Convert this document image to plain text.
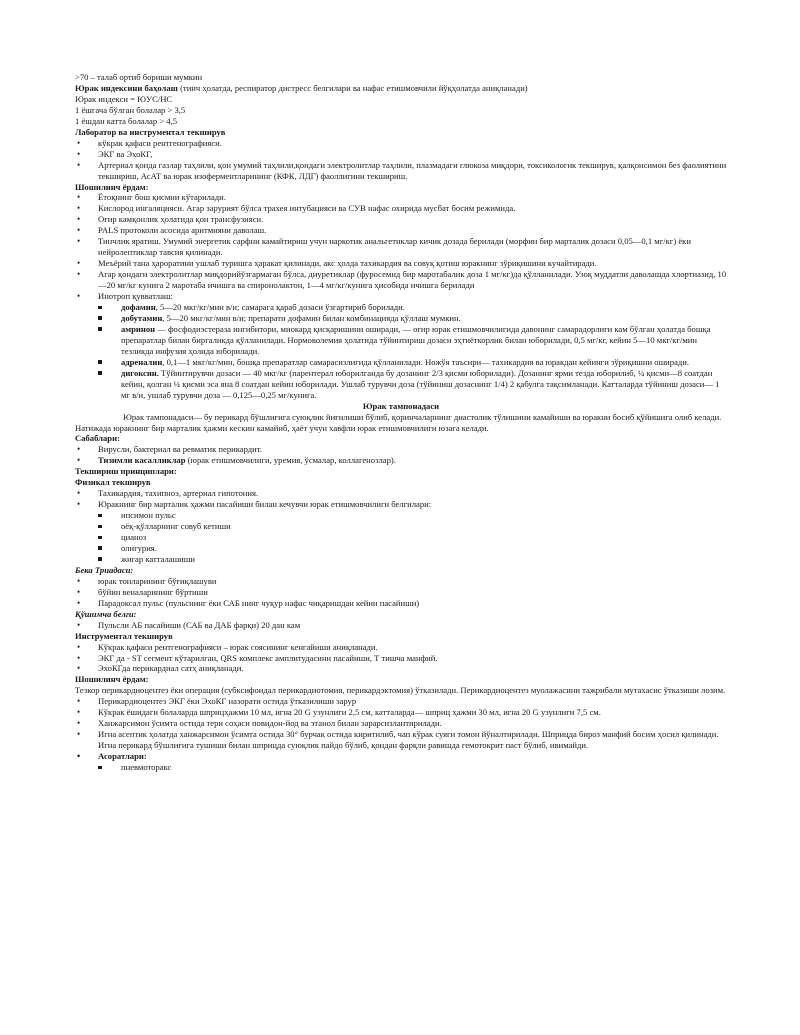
>70 – талаб ортиб бориши мумкин

Юрак индексини баҳолаш (тинч ҳолатда, респиратор дистресс белгилари ва нафас етишмовчили йўқҳолатда аниқланади)

Юрак индекси = ЮУС/НС

1 ёшгача бўлган болалар > 3,5

1 ёшдан катта болалар > 4,5

Лаборатор ва инструментал текширув

• кўкрак қафаси рентгенографияси.

• ЭКГ ва ЭхоКГ,

• Артериал қонда газлар таҳлили, қон умумий таҳлили,қондаги электролитлар таҳлили, плазмадаги глюкоза миқдори, токсикологик текширув, қалқонсимон без фаолиятини текшириш, АсАТ ва юрак изоферментларининг (КФК, ЛДГ) фаоллигини текшириш.

Шошилинч ёрдам:

• Ётоқнинг бош қисмни кўтарилади.

• Кислород ингаляцияси. Агар зарурият бўлса трахея интубацияси ва СУВ нафас охирида мусбат босим режимида.

• Оғир камқонлик ҳолатида қон трансфузияси.

• PALS протоколи асосида аритмияни даволаш.

• Тинчлик яратиш. Умумий энергетик сарфни камайтириш учун наркотик анальгетиклар кичик дозада берилади (морфин бир марталик дозаси 0,05—0,1 мг/кг) ёки нейролептиклар тавсия қилинади.

• Меъёрий тана ҳароратини ушлаб туришга ҳаракат қилинади, акс ҳолда тахикардия ва совуқ қотиш юракнинг зўриқишини кучайтиради.

• Агар қондаги электролитлар миқдорийўзгармаган бўлса, диуретиклар (фуросемид бир маротабалик доза 1 мг/кг)да қўлланилади. Узоқ муддатли даволашда хлортиазид, 10—20 мг/кг кунига 2 маротаба ичишга ва спиронолактон, 1—4 мг/кг/кунига ҳисобида ичишга берилади

• Инотроп қувватлаш:

дофамин, 5—20 мкг/кг/мин в/и; самарага қараб дозаси ўзгартириб борилади.

добутамин, 5—20 мкг/кг/мин в/и; препарати дофамин билан комбинацияда қўллаш мумкин.

амринон — фосфодиэстераза ингибитори, миокард қисқаришини оширади, — оғир юрак етишмовчилигида давонинг самарадорлиги кам бўлган ҳолатда бошқа препаратлар билан биргаликда қўлланилади. Нормоволемия ҳолатида тўйинтириш дозаси эҳтиёткорлик билан юборилади, 0,5 мг/кг, кейин 5—10 мкг/кг/мин тезликда инфузия ҳолида юборилади.

адреналин, 0,1—1 мкг/кг/мин, бошқа препаратлар самарасизлигида қўлланилади. Ножўя таъсири— тахикардия ва юракдан кейинги зўриқишни оширади.

дигоксин. Тўйинтирувчи дозаси — 40 мкг/кг (парентерал юборилганда бу дозанинг 2/3 қисми юборилади). Дозанинг ярми тезда юборилиб, ¼ қисми—8 соатдан кейин, қолган ¼ қисми эса яна 8 соатдан кейин юборилади. Ушлаб турувчи доза (тўйиниш дозаснинг 1/4) 2 қабулга тақсимланади. Катталарда тўйиниш дозаси— 1 мг в/и, ушлаб турувчи доза — 0,125—0,25 мг/кунига.

Юрак тампонадаси

Юрак тампонадаси— бу перикард бўшлиғига суюқлик йиғилиши бўлиб, қоринчаларнинг диастолик тўлишини камайиши ва юракни босиб қўйишига олиб келади. Натижада юракнинг бир марталик ҳажми кескин камайиб, ҳаёт учун хавфли юрак етишмовчилиги юзага келади.

Сабаблари:

• Вирусли, бактериал ва ревматик перикардит.

• Тизимли касалликлар (юрак етишмовчилиги, уремия, ўсмалар, коллагенозлар).

Текшириш принциплари:

Физикал текширув

• Тахикардия, тахипноэ, артериал гипотония.

• Юракнинг бир марталик ҳажми пасайиши билан кечувчи юрак етишмовчилиги белгилари:

ипсимон пульс

оёқ-қўлларнинг совуб кетиши

цианоз

олигурия.

жигар катталашиши

Бека Триадаси:

• юрак тонларининг бўғиқлашуви

• бўйин веналарининг бўртиши

• Парадоксал пульс (пульснинг ёки САБ нинг чуқур нафас чиқаришдан кейин пасайиши)

Қўшимча белги:

• Пульсли АБ пасайиши (САБ ва ДАБ фарқи) 20 дан кам

Инструментал текширув

• Кўкрак қафаси рентгенографияси – юрак соясининг кенгайиши аниқланади.

• ЭКГ да - ST сегмент кўтарилган, QRS комплекс амплитудасини пасайиши, Т тишча манфий.

• ЭхоКГда перикардиал сатҳ аниқланади.

Шошилинч ёрдам:

Тезкор перикардиоцентез ёки операция (субксифоидал перикардиотомия, перикардэктомия) ўтказилади. Перикардиоцентез муолажасини тажрибали мутахасис ўтказиши лозим.

• Перикардиоцентез ЭКГ ёки ЭхоКГ назорати остида ўтказилиши зарур

• Кўкрак ёшидаги болаларда шприцҳажми 10 мл, игна 20 G узунлиги 2,5 см, катталарда— шприц ҳажми 30 мл, игна 20 G узунлиги 7,5 см.

• Ханжарсимон ўсимта остида тери соҳаси повидон-йод ва этанол билан зарарсизлантирилади.

• Игна асептик ҳолатда ханжарсимон ўсимта остида 30° бурчак остида киритилиб, чап кўрак суяги томон йўналтирилади. Шприцда бироз манфий босим ҳосил қилинади. Игна перикард бўшлиғига тушиши билан шприцда суюқлик пайдо бўлиб, қондан фарқли равишда гемотокрит паст бўлиб, ивимайди.

• Асоратлари:

пневмоторакс
